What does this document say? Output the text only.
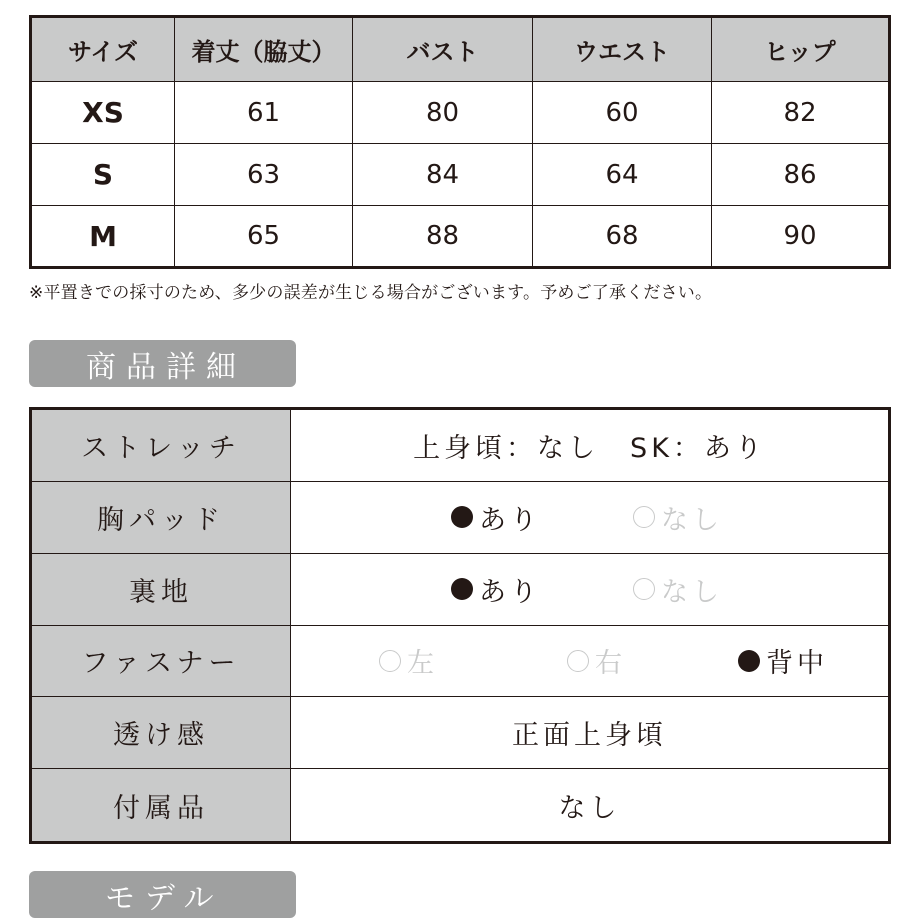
サイズ	着丈（脇丈）	バスト	ウエスト	ヒップ
XS	61	80	60	82
S	63	84	64	86
M	65	88	68	90
※平置きでの採寸のため、多少の誤差が生じる場合がございます。予めご了承ください。
商品詳細
ストレッチ	上身頃：なし　SK：あり
胸パッド	あり	なし
裏地	あり	なし
ファスナー	左	右	背中
透け感	正面上身頃
付属品	なし
モデル
